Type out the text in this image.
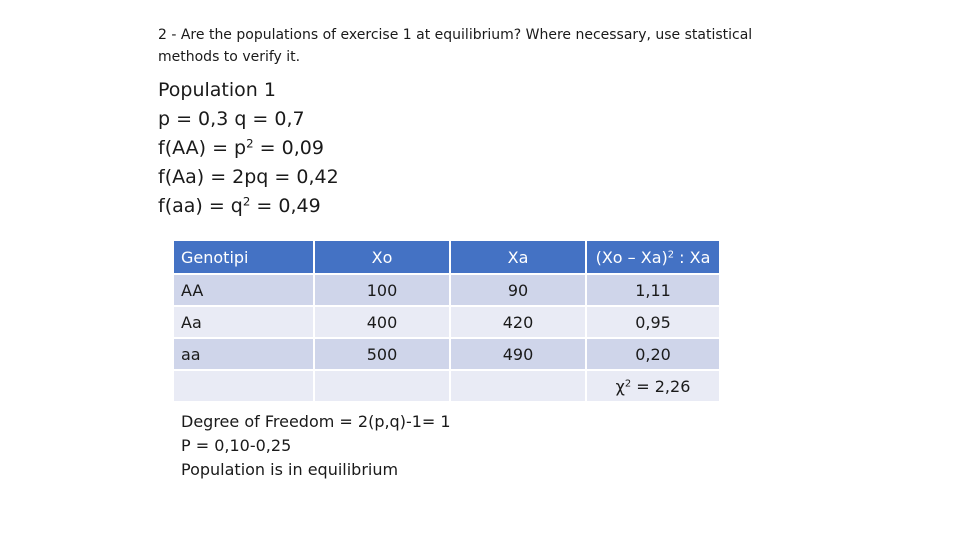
2 - Are the populations of exercise 1 at equilibrium? Where necessary, use statistical methods to verify it.

Population 1
p = 0,3 q = 0,7
$f(AA) = p^2 = 0,09$
f(Aa) = 2pq = 0,42
$f(aa) = q^2 = 0,49$
Genotipi	Xo	Xa	(Xo – Xa)$^2$ : Xa
AA	100	90	1,11
Aa	400	420	0,95
aa	500	490	0,20
			$\chi^2 = 2,26$
Degree of Freedom = 2(p,q)-1= 1
P = 0,10-0,25
Population is in equilibrium
